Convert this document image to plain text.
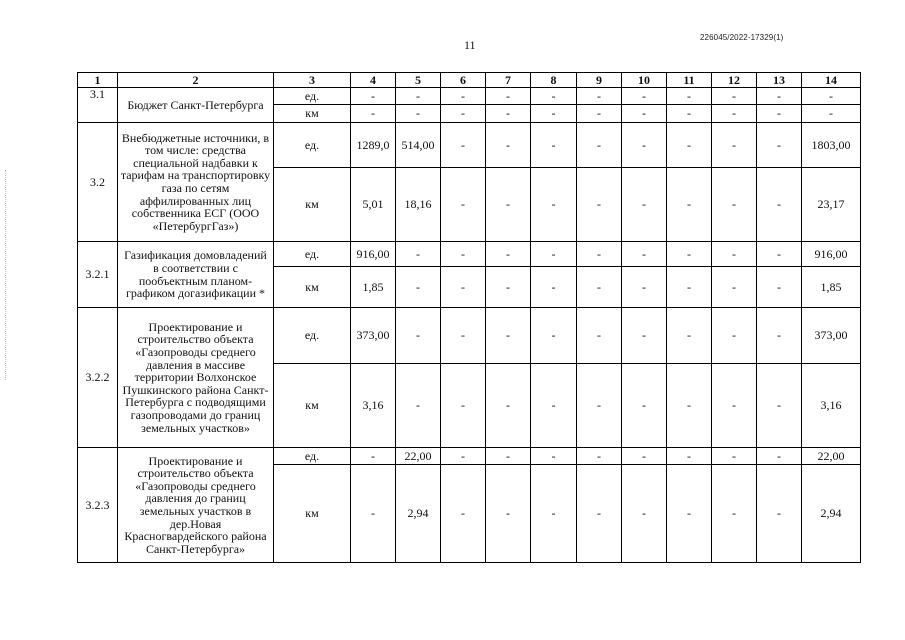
226045/2022-17329(1)
11
1	2	3	4	5	6	7	8	9	10	11	12	13	14
3.1	Бюджет Санкт-Петербурга	ед.	-	-	-	-	-	-	-	-	-	-	-
		км	-	-	-	-	-	-	-	-	-	-	-
3.2	Внебюджетные источники, в том числе: средства специальной надбавки к тарифам на транспортировку газа по сетям аффилированных лиц собственника ЕСГ (ООО «ПетербургГаз»)	ед.	1289,0	514,00	-	-	-	-	-	-	-	-	1803,00
		км	5,01	18,16	-	-	-	-	-	-	-	-	23,17
3.2.1	Газификация домовладений в соответствии с пообъектным планом-графиком догазификации *	ед.	916,00	-	-	-	-	-	-	-	-	-	916,00
		км	1,85	-	-	-	-	-	-	-	-	-	1,85
3.2.2	Проектирование и строительство объекта «Газопроводы среднего давления в массиве территории Волхонское Пушкинского района Санкт-Петербурга с подводящими газопроводами до границ земельных участков»	ед.	373,00	-	-	-	-	-	-	-	-	-	373,00
		км	3,16	-	-	-	-	-	-	-	-	-	3,16
3.2.3	Проектирование и строительство объекта «Газопроводы среднего давления до границ земельных участков в дер.Новая Красногвардейского района Санкт-Петербурга»	ед.	-	22,00	-	-	-	-	-	-	-	-	22,00
		км	-	2,94	-	-	-	-	-	-	-	-	2,94
